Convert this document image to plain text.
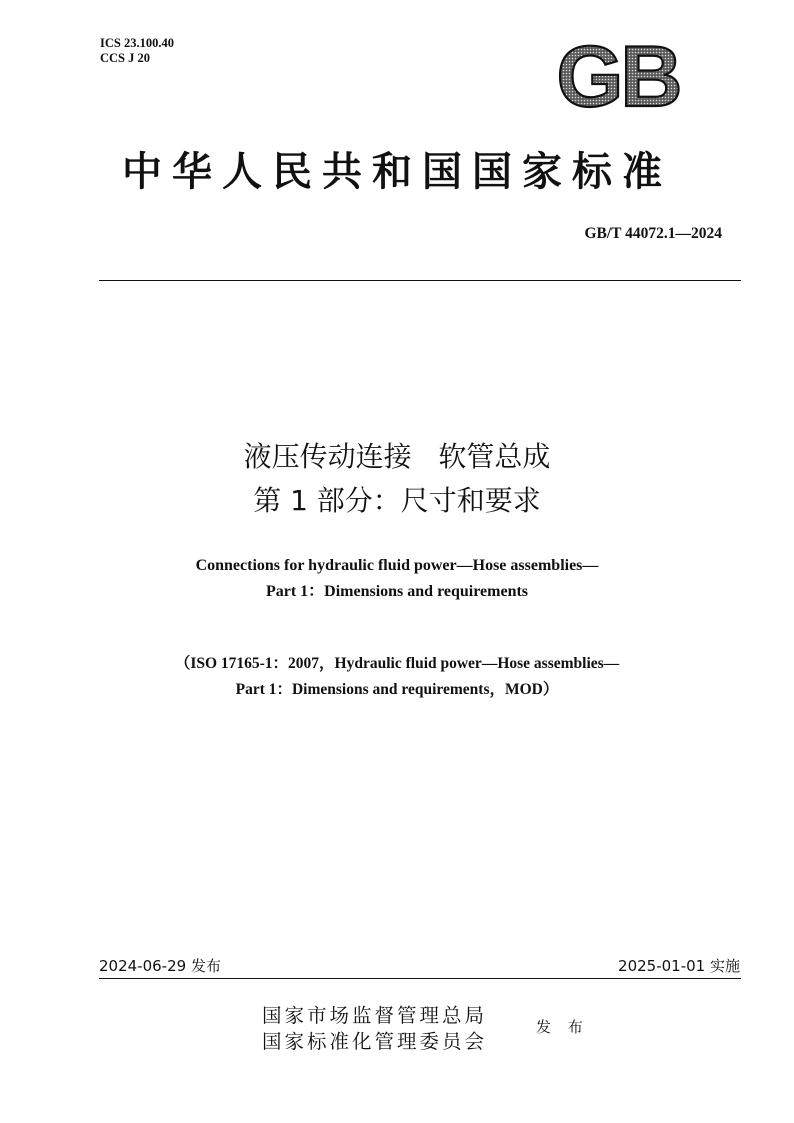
ICS 23.100.40
CCS J 20	GB
中华人民共和国国家标准
GB/T 44072.1—2024
液压传动连接   软管总成
第 1 部分：尺寸和要求
Connections for hydraulic fluid power—Hose assemblies—
Part 1：Dimensions and requirements
（ISO 17165-1：2007，Hydraulic fluid power—Hose assemblies—
Part 1：Dimensions and requirements，MOD）
2024-06-29 发布	2025-01-01 实施
国家市场监督管理总局
国家标准化管理委员会
发 布
